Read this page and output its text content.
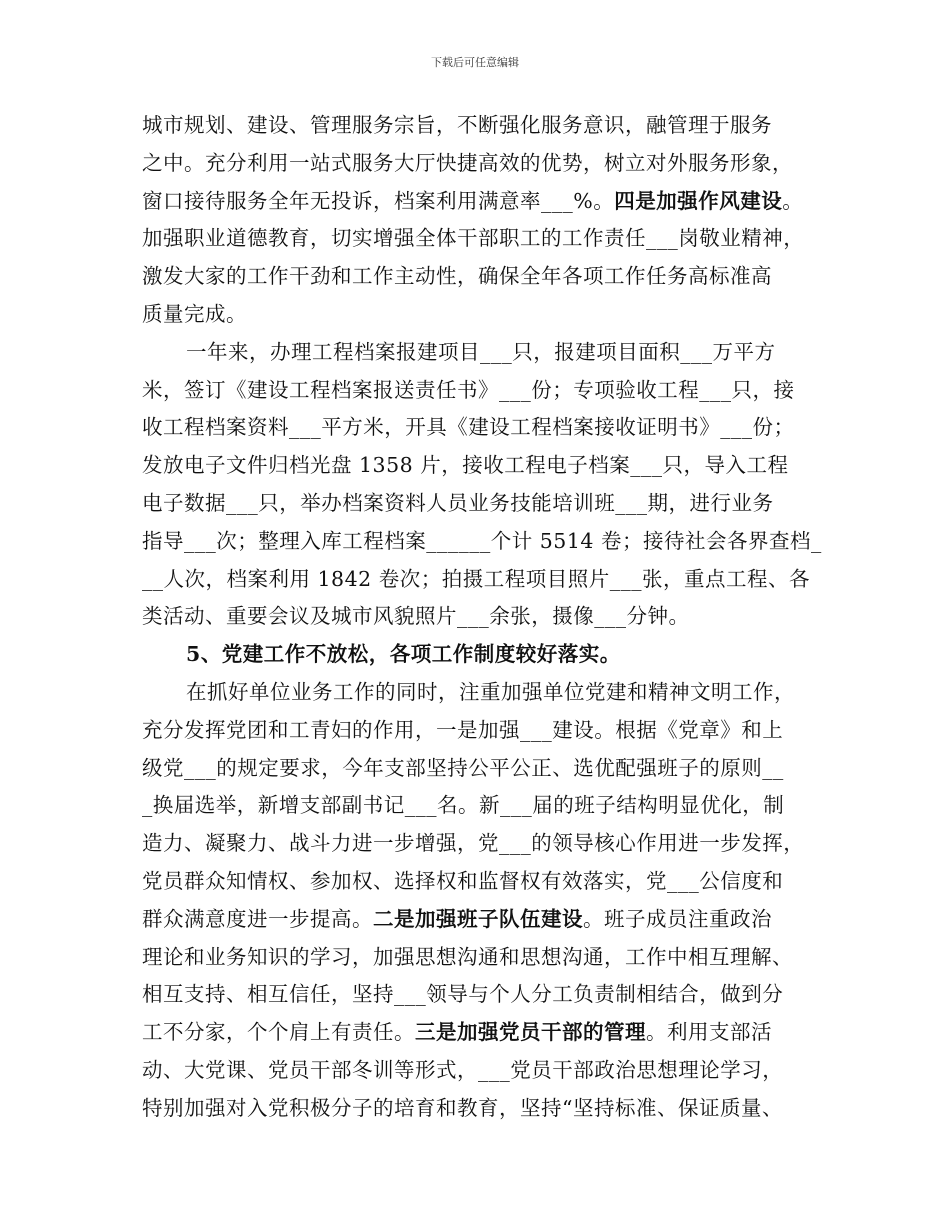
下载后可任意编辑
城市规划、建设、管理服务宗旨，不断强化服务意识，融管理于服务
之中。充分利用一站式服务大厅快捷高效的优势，树立对外服务形象，
窗口接待服务全年无投诉，档案利用满意率___%。四是加强作风建设。
加强职业道德教育，切实增强全体干部职工的工作责任___岗敬业精神，
激发大家的工作干劲和工作主动性，确保全年各项工作任务高标准高
质量完成。
一年来，办理工程档案报建项目___只，报建项目面积___万平方
米，签订《建设工程档案报送责任书》___份；专项验收工程___只，接
收工程档案资料___平方米，开具《建设工程档案接收证明书》___份；
发放电子文件归档光盘 1358 片，接收工程电子档案___只，导入工程
电子数据___只，举办档案资料人员业务技能培训班___期，进行业务
指导___次；整理入库工程档案______个计 5514 卷；接待社会各界查档_
__人次，档案利用 1842 卷次；拍摄工程项目照片___张，重点工程、各
类活动、重要会议及城市风貌照片___余张，摄像___分钟。
5、党建工作不放松，各项工作制度较好落实。
在抓好单位业务工作的同时，注重加强单位党建和精神文明工作，
充分发挥党团和工青妇的作用，一是加强___建设。根据《党章》和上
级党___的规定要求，今年支部坚持公平公正、选优配强班子的原则__
_换届选举，新增支部副书记___名。新___届的班子结构明显优化，制
造力、凝聚力、战斗力进一步增强，党___的领导核心作用进一步发挥，
党员群众知情权、参加权、选择权和监督权有效落实，党___公信度和
群众满意度进一步提高。二是加强班子队伍建设。班子成员注重政治
理论和业务知识的学习，加强思想沟通和思想沟通，工作中相互理解、
相互支持、相互信任，坚持___领导与个人分工负责制相结合，做到分
工不分家，个个肩上有责任。三是加强党员干部的管理。利用支部活
动、大党课、党员干部冬训等形式，___党员干部政治思想理论学习，
特别加强对入党积极分子的培育和教育，坚持“坚持标准、保证质量、
